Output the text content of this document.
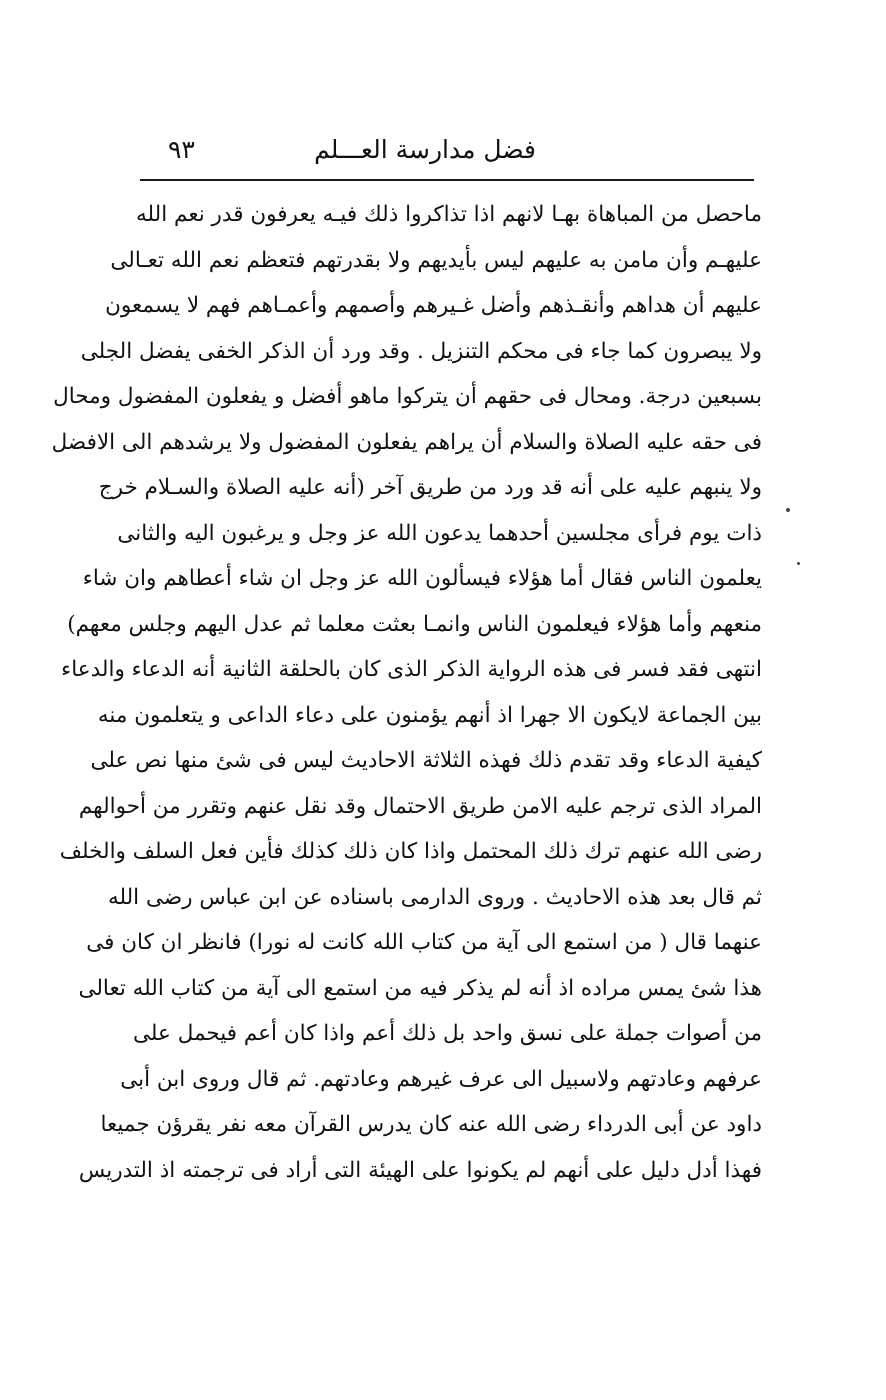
فضل مدارسة العـــلم
٩٣
ماحصل من المباهاة بهـا لانهم اذا تذاكروا ذلك فيـه يعرفون قدر نعم الله
عليهـم وأن مامن به عليهم ليس بأيديهم ولا بقدرتهم فتعظم نعم الله تعـالى
عليهم أن هداهم وأنقـذهم وأضل غـيرهم وأصمهم وأعمـاهم فهم لا يسمعون
ولا يبصرون كما جاء فى محكم التنزيل . وقد ورد أن الذكر الخفى يفضل الجلى
بسبعين درجة. ومحال فى حقهم أن يتركوا ماهو أفضل و يفعلون المفضول ومحال
فى حقه عليه الصلاة والسلام أن يراهم يفعلون المفضول ولا يرشدهم الى الافضل
ولا ينبهم عليه على أنه قد ورد من طريق آخر (أنه عليه الصلاة والسـلام خرج
ذات يوم فرأى مجلسين أحدهما يدعون الله عز وجل و يرغبون اليه والثانى
يعلمون الناس فقال أما هؤلاء فيسألون الله عز وجل ان شاء أعطاهم وان شاء
منعهم وأما هؤلاء فيعلمون الناس وانمـا بعثت معلما ثم عدل اليهم وجلس معهم)
انتهى فقد فسر فى هذه الرواية الذكر الذى كان بالحلقة الثانية أنه الدعاء والدعاء
بين الجماعة لايكون الا جهرا اذ أنهم يؤمنون على دعاء الداعى و يتعلمون منه
كيفية الدعاء وقد تقدم ذلك فهذه الثلاثة الاحاديث ليس فى شئ منها نص على
المراد الذى ترجم عليه الامن طريق الاحتمال وقد نقل عنهم وتقرر من أحوالهم
رضى الله عنهم ترك ذلك المحتمل واذا كان ذلك كذلك فأين فعل السلف والخلف
ثم قال بعد هذه الاحاديث . وروى الدارمى باسناده عن ابن عباس رضى الله
عنهما قال ( من استمع الى آية من كتاب الله كانت له نورا) فانظر ان كان فى
هذا شئ يمس مراده اذ أنه لم يذكر فيه من استمع الى آية من كتاب الله تعالى
من أصوات جملة على نسق واحد بل ذلك أعم واذا كان أعم فيحمل على
عرفهم وعادتهم ولاسبيل الى عرف غيرهم وعادتهم. ثم قال وروى ابن أبى
داود عن أبى الدرداء رضى الله عنه كان يدرس القرآن معه نفر يقرؤن جميعا
فهذا أدل دليل على أنهم لم يكونوا على الهيئة التى أراد فى ترجمته اذ التدريس
